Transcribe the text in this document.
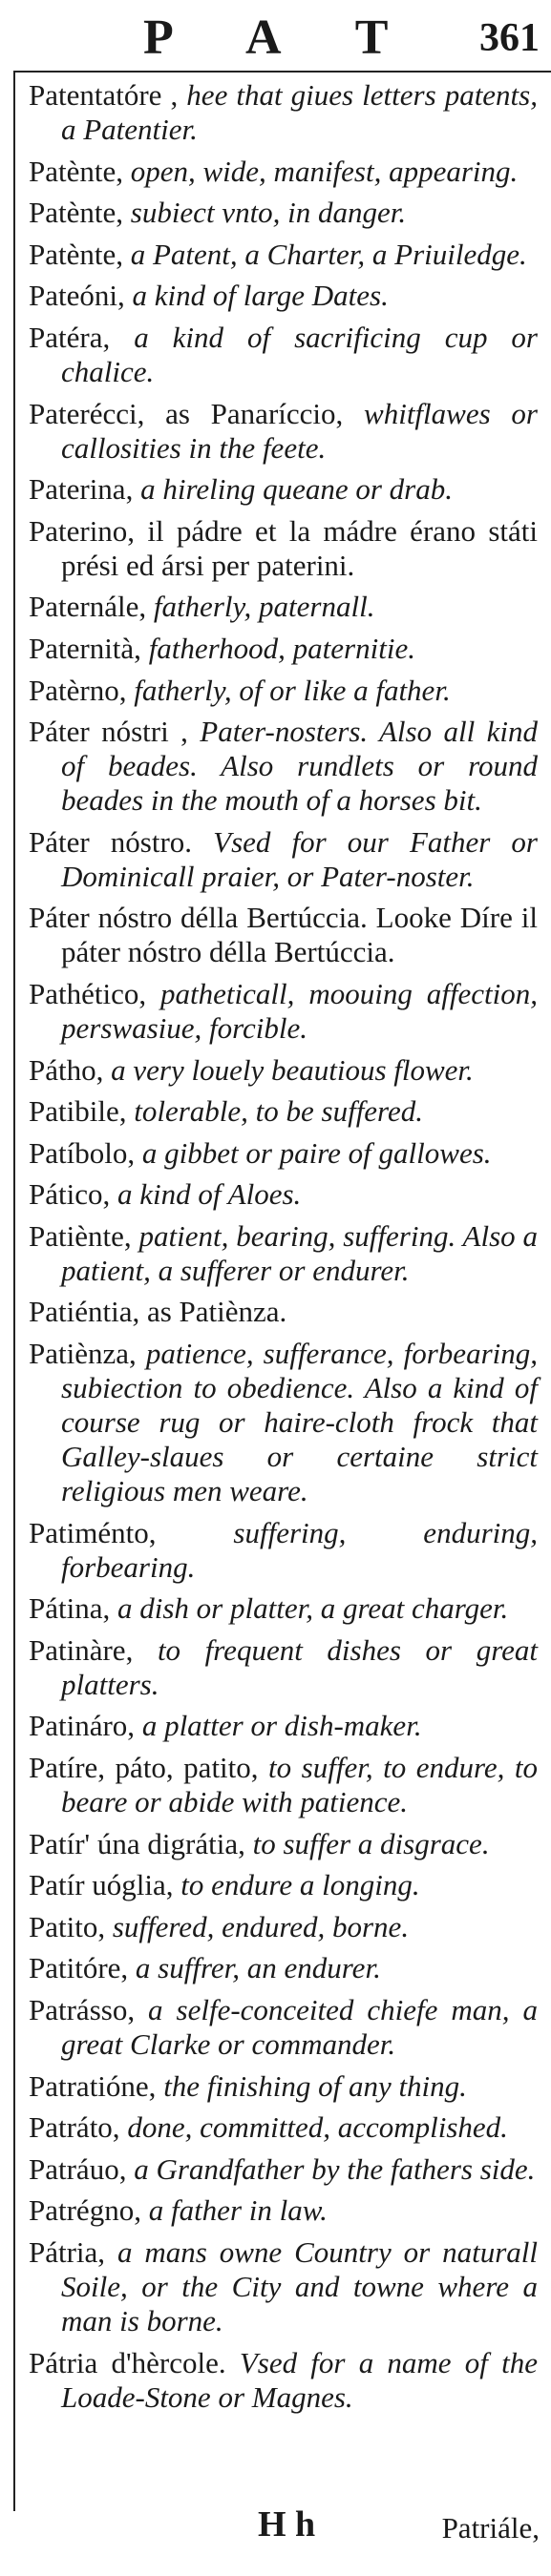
P A T 361
Patentatóre , hee that giues letters patents, a Patentier.
Patènte, open, wide, manifest, appearing.
Patènte, subiect vnto, in danger.
Patènte, a Patent, a Charter, a Priuiledge.
Pateóni, a kind of large Dates.
Patéra, a kind of sacrificing cup or chalice.
Paterécci, as Panaríccio, whitflawes or callosities in the feete.
Paterina, a hireling queane or drab.
Paterino, il pádre et la mádre érano státi prési ed ársi per paterini.
Paternále, fatherly, paternall.
Paternità, fatherhood, paternitie.
Patèrno, fatherly, of or like a father.
Páter nóstri , Pater-nosters. Also all kind of beades. Also rundlets or round beades in the mouth of a horses bit.
Páter nóstro. Vsed for our Father or Dominicall praier, or Pater-noster.
Páter nóstro délla Bertúccia. Looke Díre il páter nóstro délla Bertúccia.
Pathético, patheticall, moouing affection, perswasiue, forcible.
Pátho, a very louely beautious flower.
Patibile, tolerable, to be suffered.
Patíbolo, a gibbet or paire of gallowes.
Pático, a kind of Aloes.
Patiènte, patient, bearing, suffering. Also a patient, a sufferer or endurer.
Patiéntia, as Patiènza.
Patiènza, patience, sufferance, forbearing, subiection to obedience. Also a kind of course rug or haire-cloth frock that Galley-slaues or certaine strict religious men weare.
Patiménto, suffering, enduring, forbearing.
Pátina, a dish or platter, a great charger.
Patinàre, to frequent dishes or great platters.
Patináro, a platter or dish-maker.
Patíre, páto, patito, to suffer, to endure, to beare or abide with patience.
Patír' úna digrátia, to suffer a disgrace.
Patír uóglia, to endure a longing.
Patito, suffered, endured, borne.
Patitóre, a suffrer, an endurer.
Patrásso, a selfe-conceited chiefe man, a great Clarke or commander.
Patratióne, the finishing of any thing.
Patráto, done, committed, accomplished.
Patráuo, a Grandfather by the fathers side.
Patrégno, a father in law.
Pátria, a mans owne Country or naturall Soile, or the City and towne where a man is borne.
Pátria d'hèrcole. Vsed for a name of the Loade-Stone or Magnes.
H h	Patriále,
